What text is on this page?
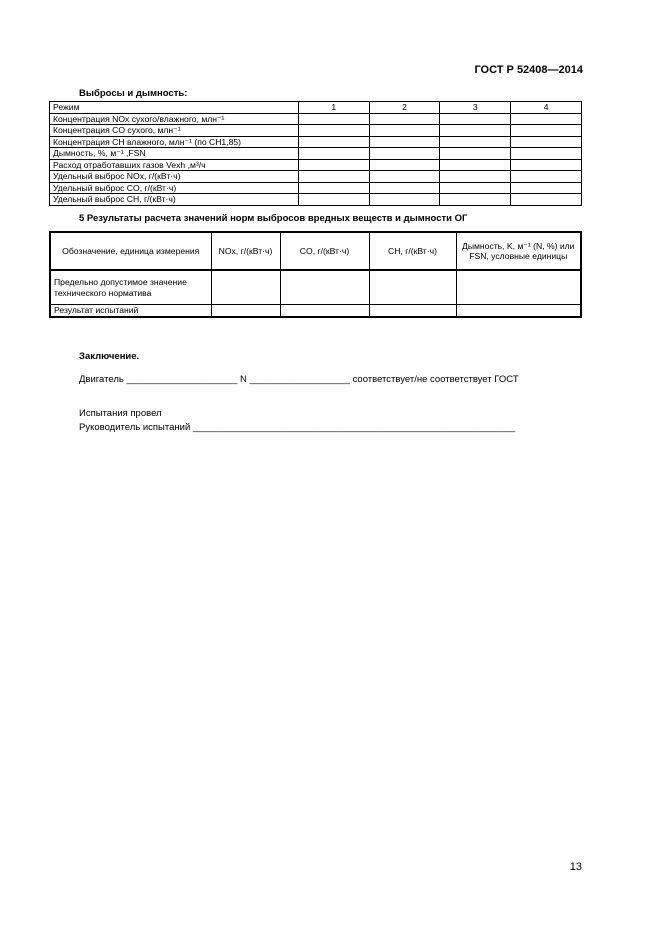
ГОСТ Р 52408—2014
Выбросы и дымность:
Режим	1	2	3	4
Концентрация NOx сухого/влажного, млн⁻¹				
Концентрация CO сухого, млн⁻¹				
Концентрация CH влажного, млн⁻¹ (по CH1,85)				
Дымность, %, м⁻¹ ,FSN				
Расход отработавших газов Vexh ,м³/ч				
Удельный выброс NOx, г/(кВт·ч)				
Удельный выброс CO, г/(кВт·ч)				
Удельный выброс CH, г/(кВт·ч)				
5 Результаты расчета значений норм выбросов вредных веществ и дымности ОГ
Обозначение, единица измерения	NOx, г/(кВт·ч)	CO, г/(кВт·ч)	CH, г/(кВт·ч)	Дымность, K, м⁻¹ (N, %) или FSN, условные единицы
Предельно допустимое значение технического норматива				
Результат испытаний				
Заключение.
Двигатель _____________________ N ___________________ соответствует/не соответствует ГОСТ
Испытания провел
Руководитель испытаний _____________________________________________________________
13
